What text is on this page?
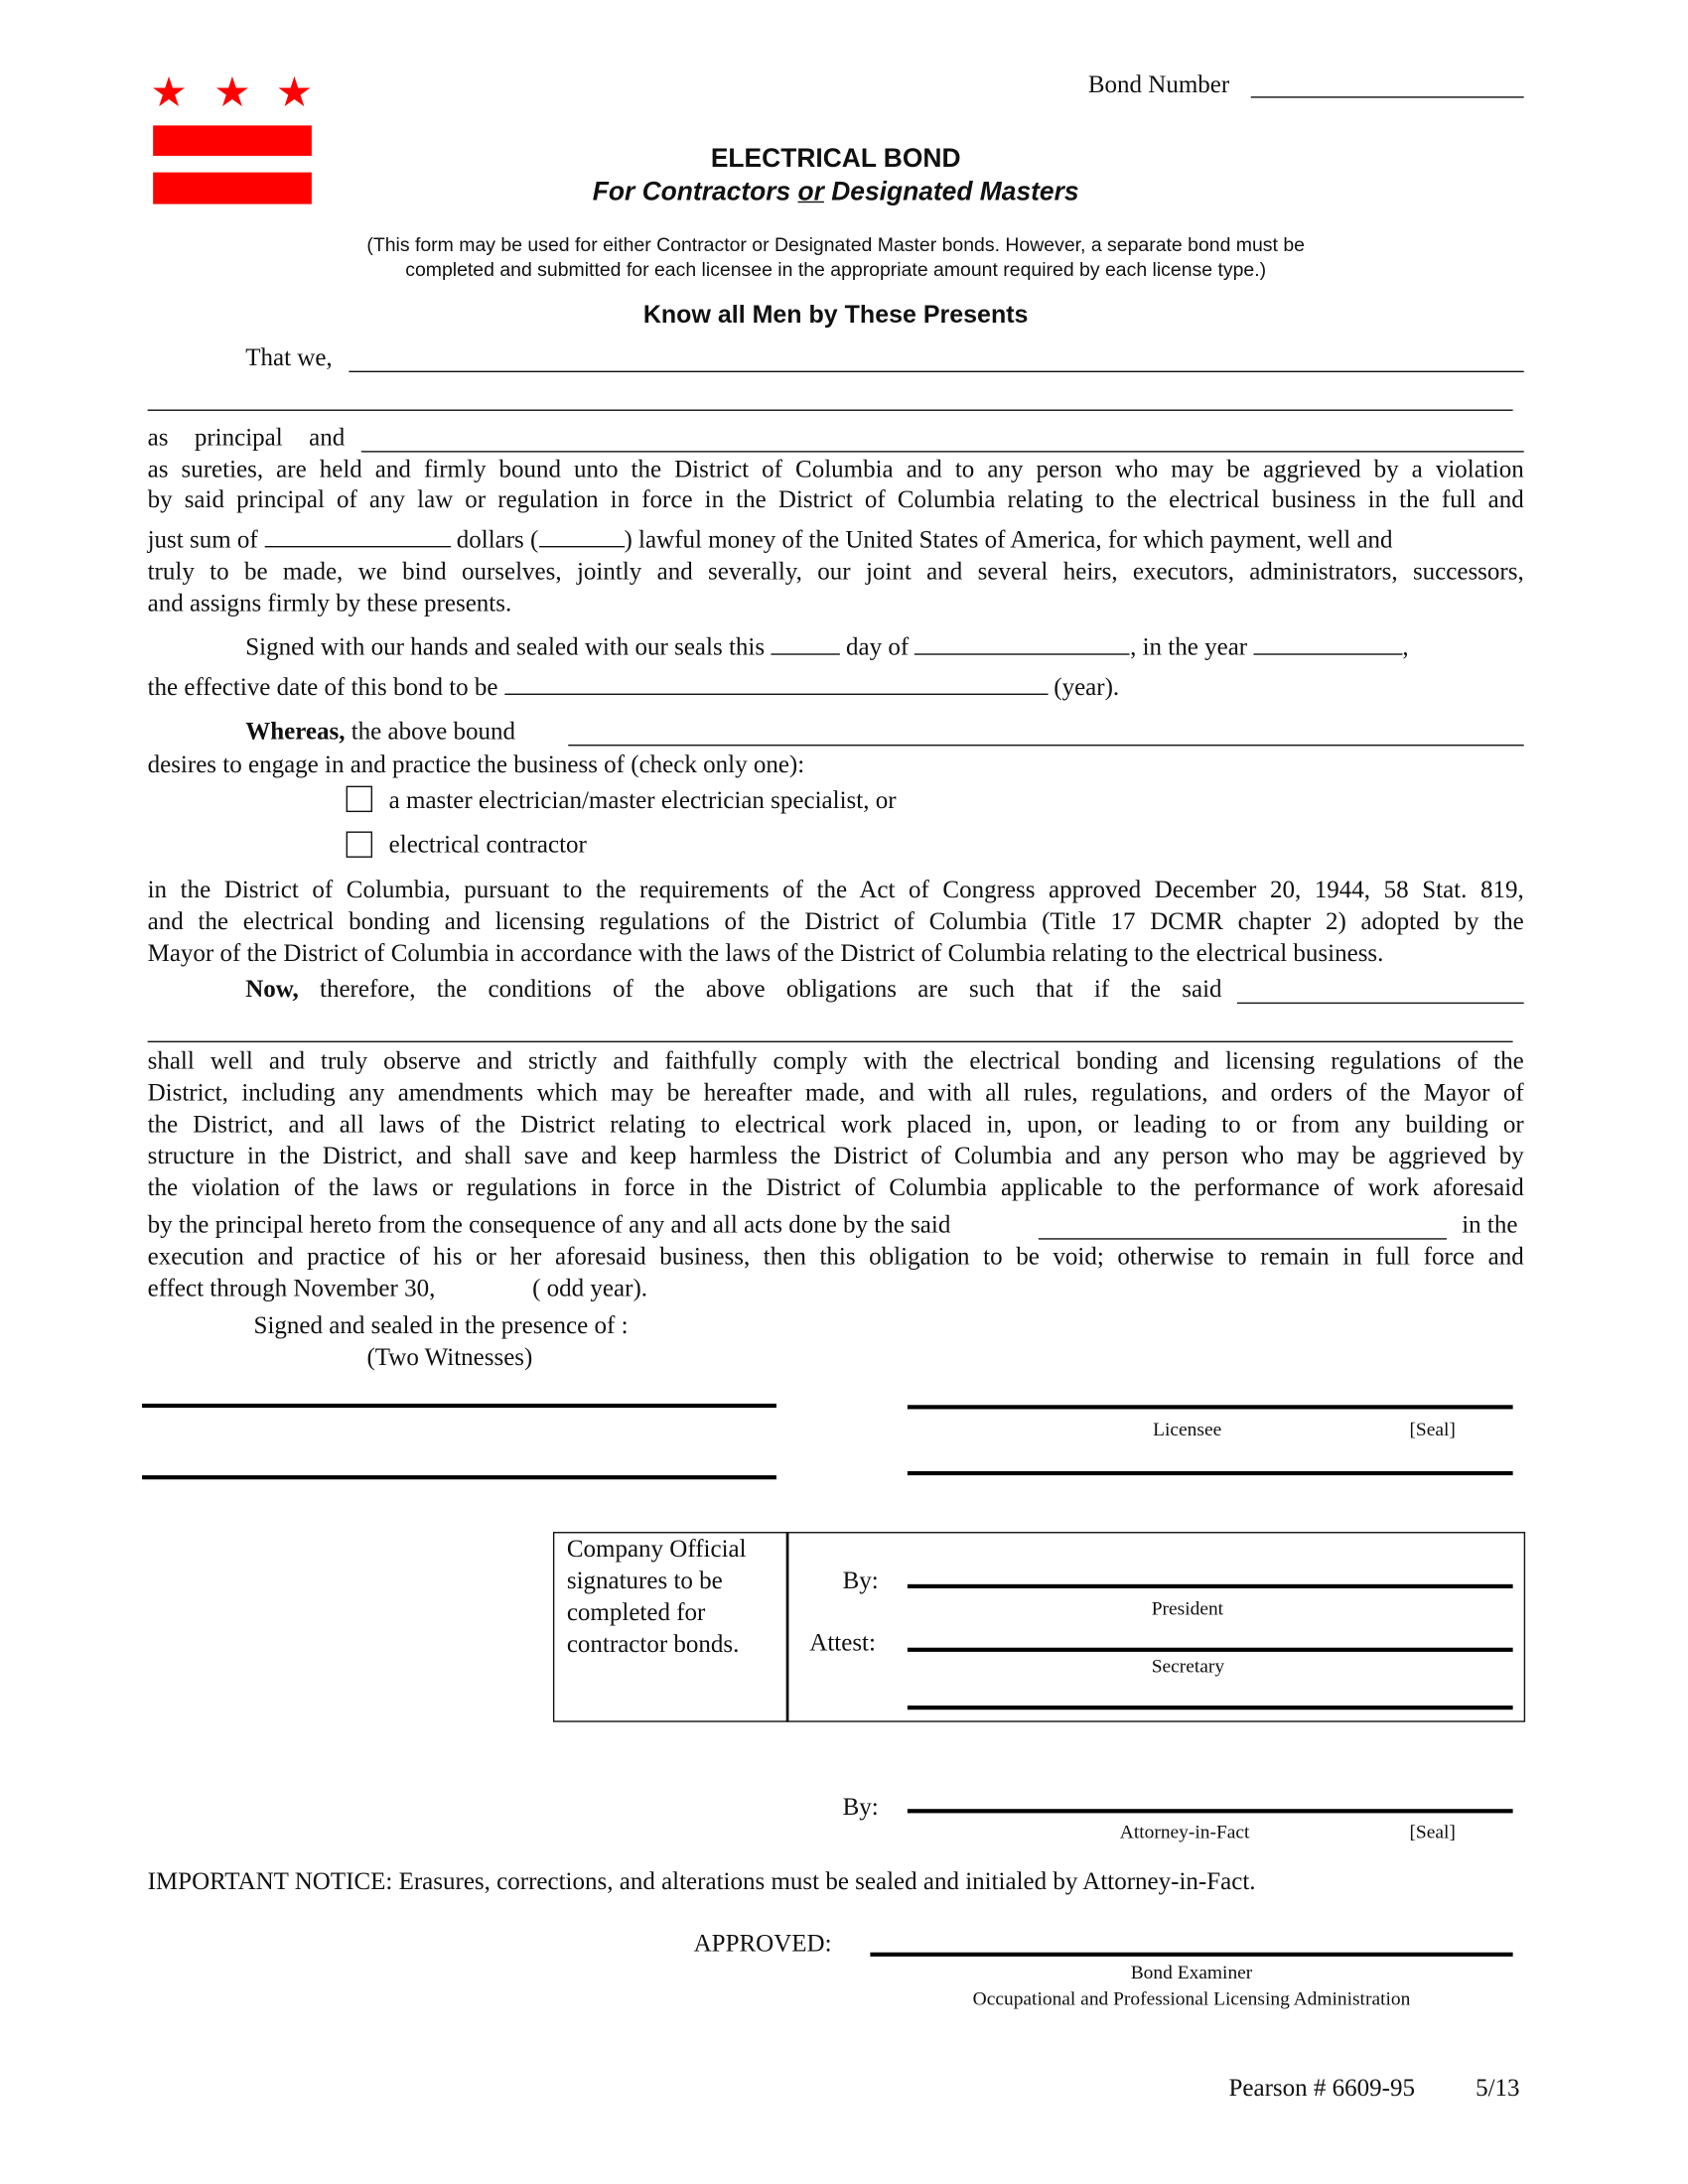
★ ★ ★	Bond Number
ELECTRICAL BOND
For Contractors or Designated Masters
(This form may be used for either Contractor or Designated Master bonds. However, a separate bond must be
completed and submitted for each licensee in the appropriate amount required by each license type.)
Know all Men by These Presents
That we,
as principal and
as sureties, are held and firmly bound unto the District of Columbia and to any person who may be aggrieved by a violation
by said principal of any law or regulation in force in the District of Columbia relating to the electrical business in the full and
just sum of	dollars (	) lawful money of the United States of America, for which payment, well and
truly to be made, we bind ourselves, jointly and severally, our joint and several heirs, executors, administrators, successors,
and assigns firmly by these presents.
Signed with our hands and sealed with our seals this	day of	, in the year	,
the effective date of this bond to be	(year).
Whereas, the above bound
desires to engage in and practice the business of (check only one):
a master electrician/master electrician specialist, or
electrical contractor
in the District of Columbia, pursuant to the requirements of the Act of Congress approved December 20, 1944, 58 Stat. 819,
and the electrical bonding and licensing regulations of the District of Columbia (Title 17 DCMR chapter 2) adopted by the
Mayor of the District of Columbia in accordance with the laws of the District of Columbia relating to the electrical business.
Now, therefore, the conditions of the above obligations are such that if the said
shall well and truly observe and strictly and faithfully comply with the electrical bonding and licensing regulations of the
District, including any amendments which may be hereafter made, and with all rules, regulations, and orders of the Mayor of
the District, and all laws of the District relating to electrical work placed in, upon, or leading to or from any building or
structure in the District, and shall save and keep harmless the District of Columbia and any person who may be aggrieved by
the violation of the laws or regulations in force in the District of Columbia applicable to the performance of work aforesaid
by the principal hereto from the consequence of any and all acts done by the said	in the
execution and practice of his or her aforesaid business, then this obligation to be void; otherwise to remain in full force and
effect through November 30,	( odd year).
Signed and sealed in the presence of :
(Two Witnesses)
Licensee	[Seal]
Company Official
signatures to be
completed for
contractor bonds.
By:
President
Attest:
Secretary
By:
Attorney-in-Fact	[Seal]
IMPORTANT NOTICE: Erasures, corrections, and alterations must be sealed and initialed by Attorney-in-Fact.
APPROVED:
Bond Examiner
Occupational and Professional Licensing Administration
Pearson # 6609-95	5/13
